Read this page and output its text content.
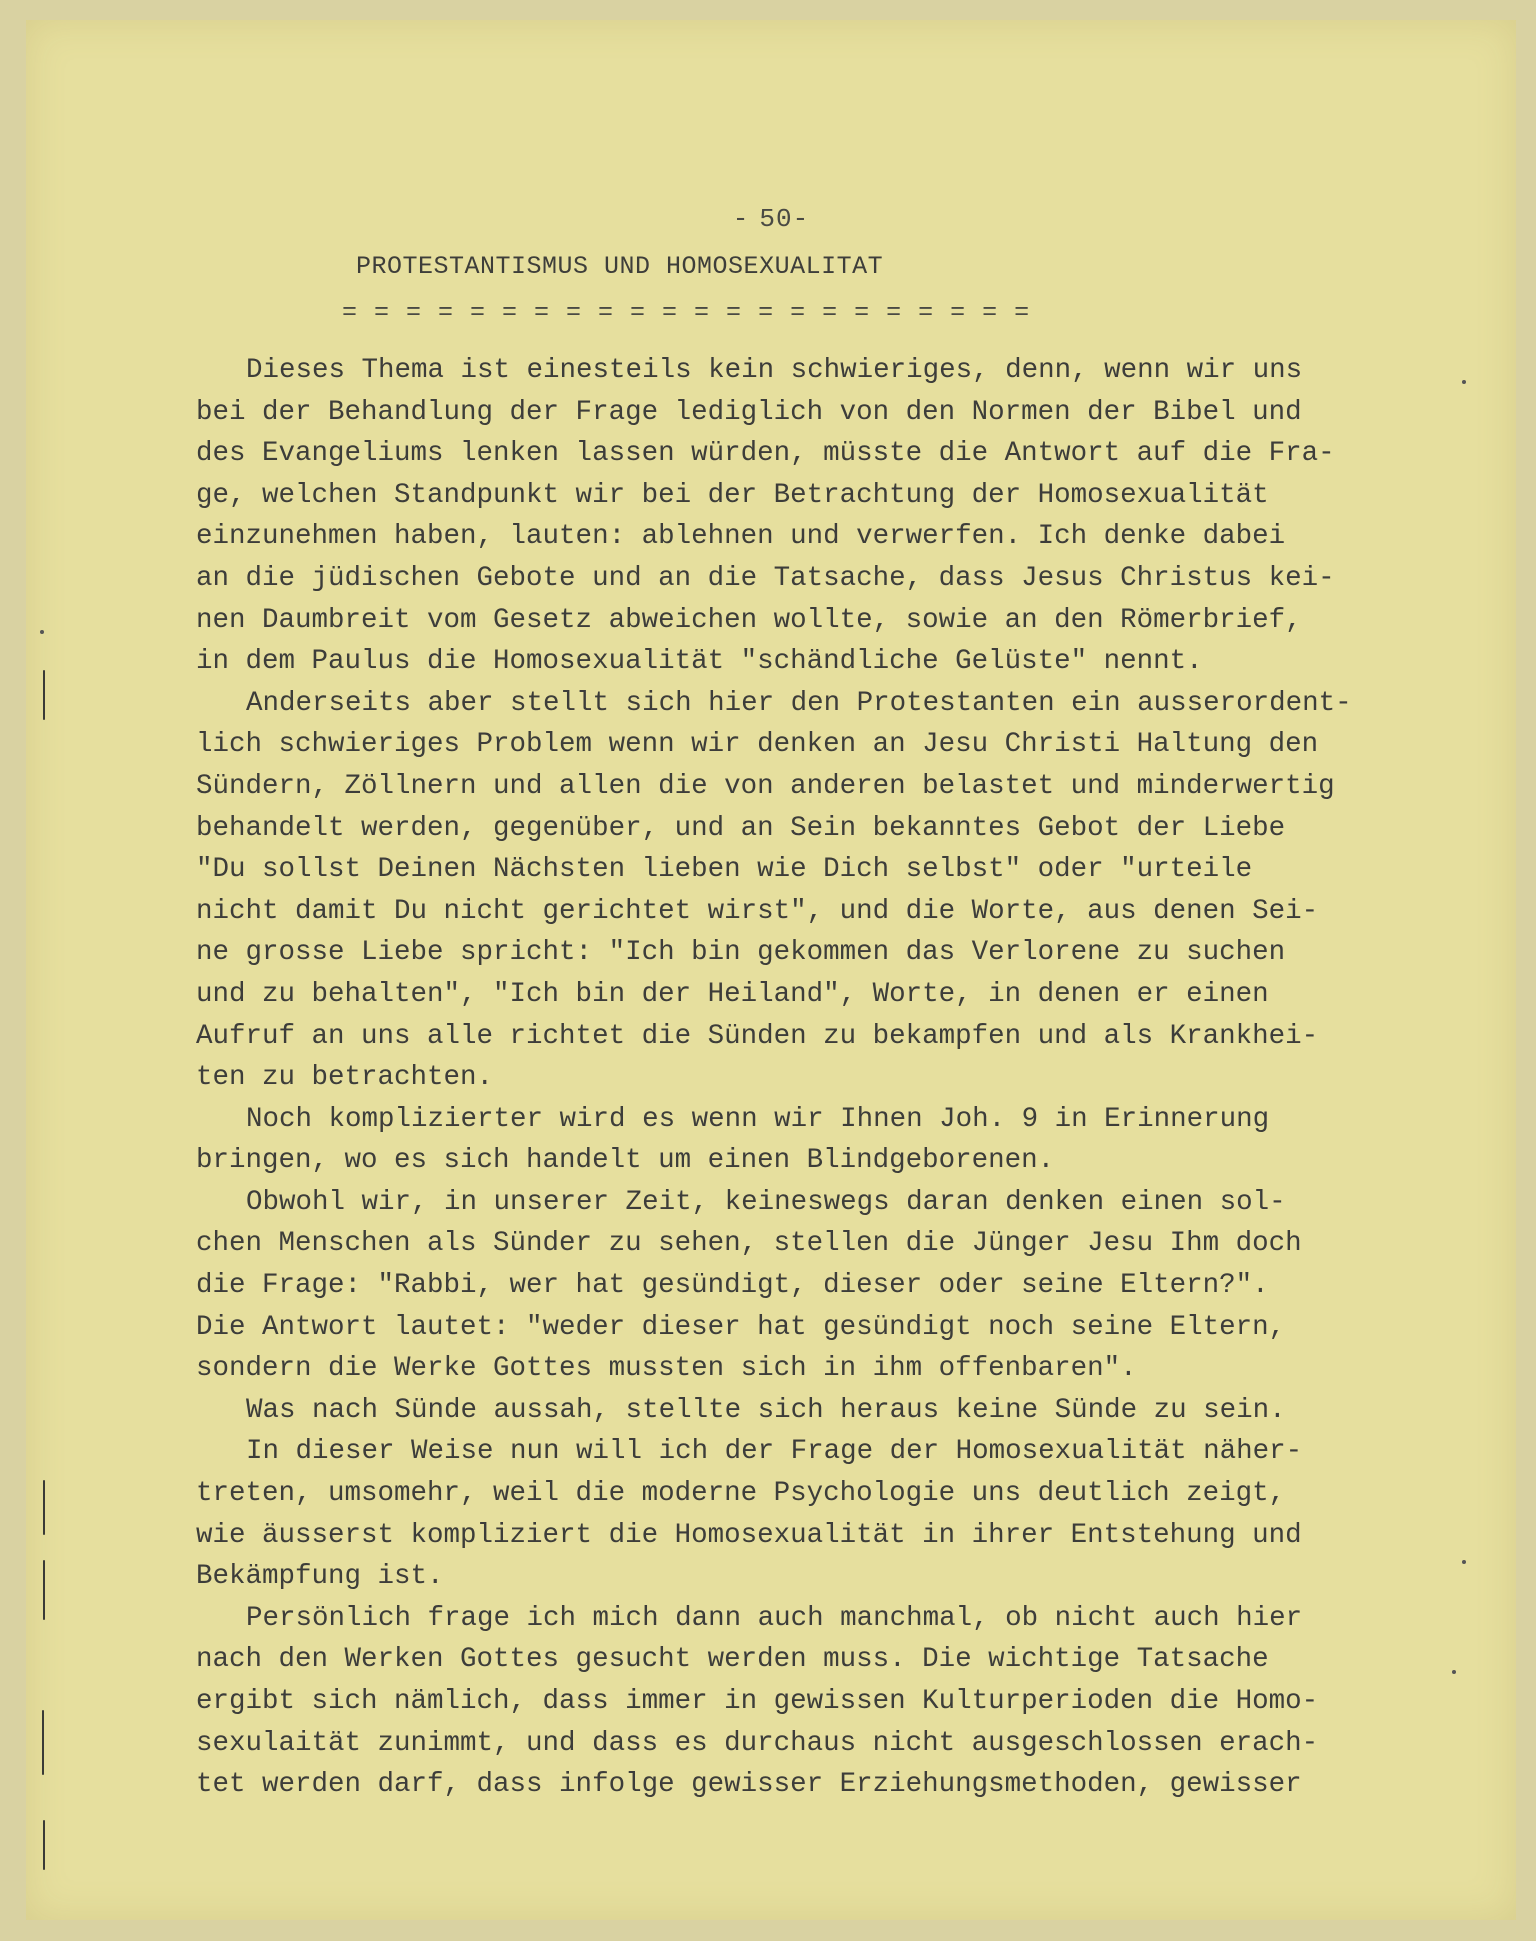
- 50-
PROTESTANTISMUS UND HOMOSEXUALITAT
= = = = = = = = = = = = = = = = = = = = = =
Dieses Thema ist einesteils kein schwieriges, denn, wenn wir uns
bei der Behandlung der Frage lediglich von den Normen der Bibel und
des Evangeliums lenken lassen würden, müsste die Antwort auf die Fra-
ge, welchen Standpunkt wir bei der Betrachtung der Homosexualität
einzunehmen haben, lauten: ablehnen und verwerfen. Ich denke dabei
an die jüdischen Gebote und an die Tatsache, dass Jesus Christus kei-
nen Daumbreit vom Gesetz abweichen wollte, sowie an den Römerbrief,
in dem Paulus die Homosexualität "schändliche Gelüste" nennt.
Anderseits aber stellt sich hier den Protestanten ein ausserordent-
lich schwieriges Problem wenn wir denken an Jesu Christi Haltung den
Sündern, Zöllnern und allen die von anderen belastet und minderwertig
behandelt werden, gegenüber, und an Sein bekanntes Gebot der Liebe
"Du sollst Deinen Nächsten lieben wie Dich selbst" oder "urteile
nicht damit Du nicht gerichtet wirst", und die Worte, aus denen Sei-
ne grosse Liebe spricht: "Ich bin gekommen das Verlorene zu suchen
und zu behalten", "Ich bin der Heiland", Worte, in denen er einen
Aufruf an uns alle richtet die Sünden zu bekampfen und als Krankhei-
ten zu betrachten.
Noch komplizierter wird es wenn wir Ihnen Joh. 9 in Erinnerung
bringen, wo es sich handelt um einen Blindgeborenen.
Obwohl wir, in unserer Zeit, keineswegs daran denken einen sol-
chen Menschen als Sünder zu sehen, stellen die Jünger Jesu Ihm doch
die Frage: "Rabbi, wer hat gesündigt, dieser oder seine Eltern?".
Die Antwort lautet: "weder dieser hat gesündigt noch seine Eltern,
sondern die Werke Gottes mussten sich in ihm offenbaren".
Was nach Sünde aussah, stellte sich heraus keine Sünde zu sein.
In dieser Weise nun will ich der Frage der Homosexualität näher-
treten, umsomehr, weil die moderne Psychologie uns deutlich zeigt,
wie äusserst kompliziert die Homosexualität in ihrer Entstehung und
Bekämpfung ist.
Persönlich frage ich mich dann auch manchmal, ob nicht auch hier
nach den Werken Gottes gesucht werden muss. Die wichtige Tatsache
ergibt sich nämlich, dass immer in gewissen Kulturperioden die Homo-
sexulaität zunimmt, und dass es durchaus nicht ausgeschlossen erach-
tet werden darf, dass infolge gewisser Erziehungsmethoden, gewisser
